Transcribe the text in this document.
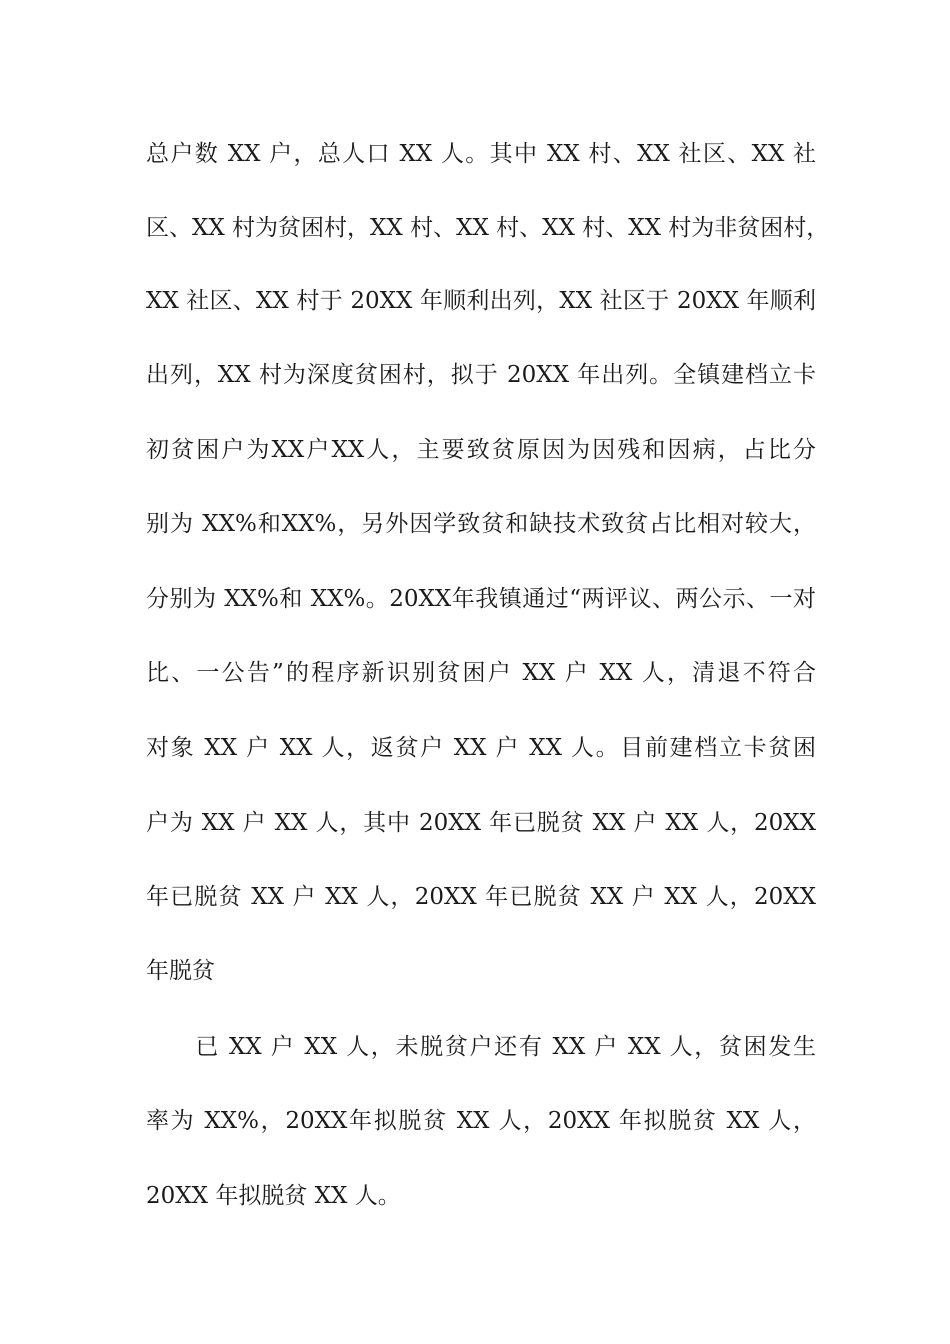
总户数 XX 户，总人口 XX 人。其中 XX 村、XX 社区、XX 社
区、XX 村为贫困村，XX 村、XX 村、XX 村、XX 村为非贫困村，
XX 社区、XX 村于 20XX 年顺利出列，XX 社区于 20XX 年顺利
出列，XX 村为深度贫困村，拟于 20XX 年出列。全镇建档立卡
初贫困户为XX户XX人，主要致贫原因为因残和因病，占比分
别为 XX%和XX%，另外因学致贫和缺技术致贫占比相对较大，
分别为 XX%和 XX%。20XX年我镇通过“两评议、两公示、一对
比、一公告”的程序新识别贫困户 XX 户 XX 人，清退不符合
对象 XX 户 XX 人，返贫户 XX 户 XX 人。目前建档立卡贫困
户为 XX 户 XX 人，其中 20XX 年已脱贫 XX 户 XX 人，20XX
年已脱贫 XX 户 XX 人，20XX 年已脱贫 XX 户 XX 人，20XX
年脱贫
　　已 XX 户 XX 人，未脱贫户还有 XX 户 XX 人，贫困发生
率为 XX%，20XX年拟脱贫 XX 人，20XX 年拟脱贫 XX 人，
20XX 年拟脱贫 XX 人。
